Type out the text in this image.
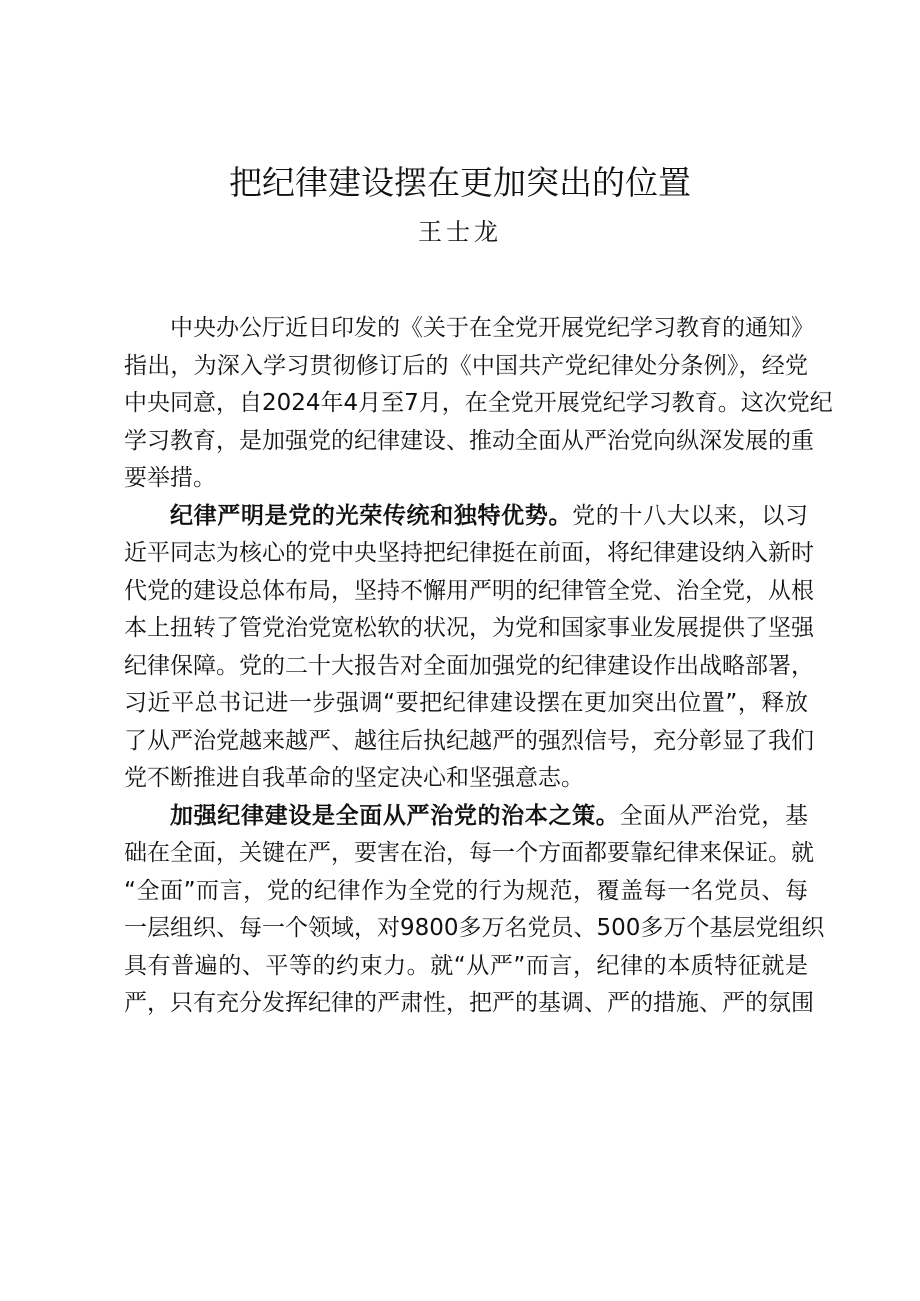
把纪律建设摆在更加突出的位置
王士龙
中央办公厅近日印发的《关于在全党开展党纪学习教育的通知》
指出，为深入学习贯彻修订后的《中国共产党纪律处分条例》，经党
中央同意，自2024年4月至7月，在全党开展党纪学习教育。这次党纪
学习教育，是加强党的纪律建设、推动全面从严治党向纵深发展的重
要举措。
纪律严明是党的光荣传统和独特优势。党的十八大以来，以习
近平同志为核心的党中央坚持把纪律挺在前面，将纪律建设纳入新时
代党的建设总体布局，坚持不懈用严明的纪律管全党、治全党，从根
本上扭转了管党治党宽松软的状况，为党和国家事业发展提供了坚强
纪律保障。党的二十大报告对全面加强党的纪律建设作出战略部署，
习近平总书记进一步强调“要把纪律建设摆在更加突出位置”，释放
了从严治党越来越严、越往后执纪越严的强烈信号，充分彰显了我们
党不断推进自我革命的坚定决心和坚强意志。
加强纪律建设是全面从严治党的治本之策。全面从严治党，基
础在全面，关键在严，要害在治，每一个方面都要靠纪律来保证。就
“全面”而言，党的纪律作为全党的行为规范，覆盖每一名党员、每
一层组织、每一个领域，对9800多万名党员、500多万个基层党组织
具有普遍的、平等的约束力。就“从严”而言，纪律的本质特征就是
严，只有充分发挥纪律的严肃性，把严的基调、严的措施、严的氛围
